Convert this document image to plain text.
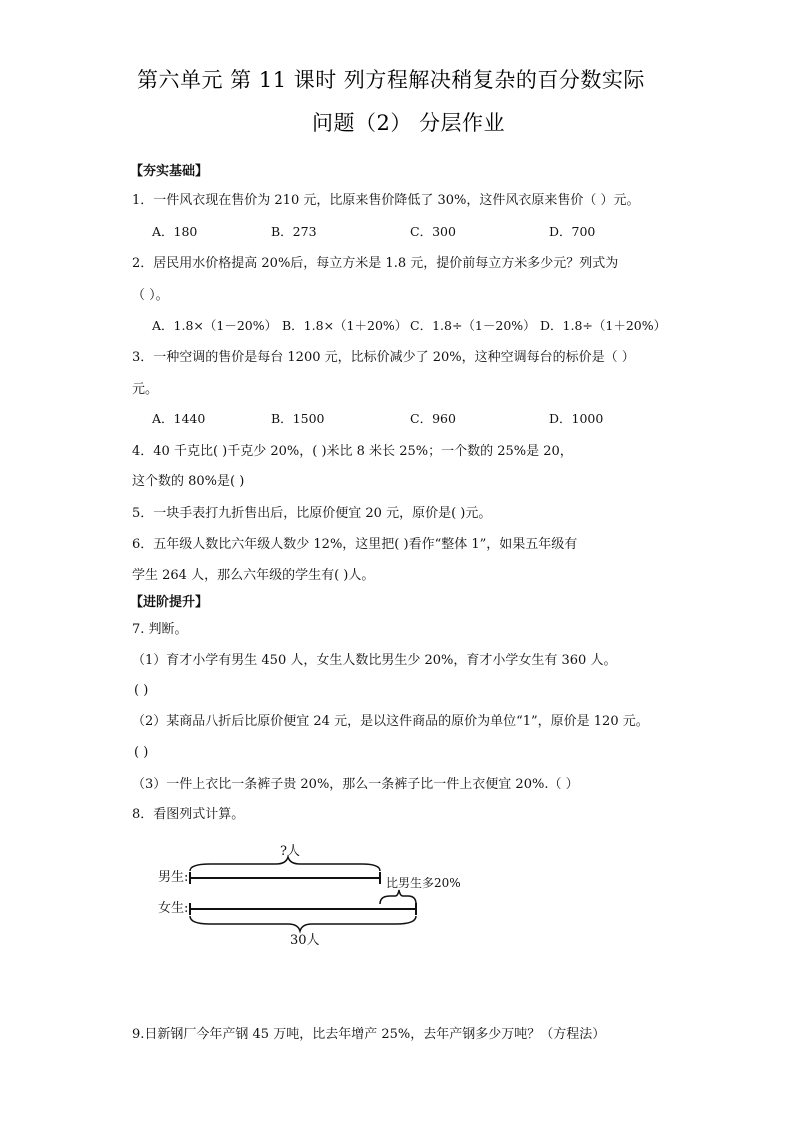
第六单元 第 11 课时 列方程解决稍复杂的百分数实际
问题（2） 分层作业
【夯实基础】
1．一件风衣现在售价为 210 元，比原来售价降低了 30%，这件风衣原来售价（ ）元。
A．180	B．273	C．300	D．700
2．居民用水价格提高 20%后，每立方米是 1.8 元，提价前每立方米多少元？列式为
（ ）。
A．1.8×（1－20%） B．1.8×（1＋20%） C．1.8÷（1－20%） D．1.8÷（1＋20%）
3．一种空调的售价是每台 1200 元，比标价减少了 20%，这种空调每台的标价是（ ）
元。
A．1440	B．1500	C．960	D．1000
4．40 千克比( )千克少 20%，( )米比 8 米长 25%；一个数的 25%是 20，
这个数的 80%是( )
5．一块手表打九折售出后，比原价便宜 20 元，原价是( )元。
6．五年级人数比六年级人数少 12%，这里把( )看作“整体 1”，如果五年级有
学生 264 人，那么六年级的学生有( )人。
【进阶提升】
7. 判断。
（1）育才小学有男生 450 人，女生人数比男生少 20%，育才小学女生有 360 人。
( )
（2）某商品八折后比原价便宜 24 元，是以这件商品的原价为单位“1”，原价是 120 元。
( )
（3）一件上衣比一条裤子贵 20%，那么一条裤子比一件上衣便宜 20%.（ ）
8．看图列式计算。
?人
男生:	比男生多20%
女生:
30人
9.日新钢厂今年产钢 45 万吨，比去年增产 25%，去年产钢多少万吨？（方程法）
